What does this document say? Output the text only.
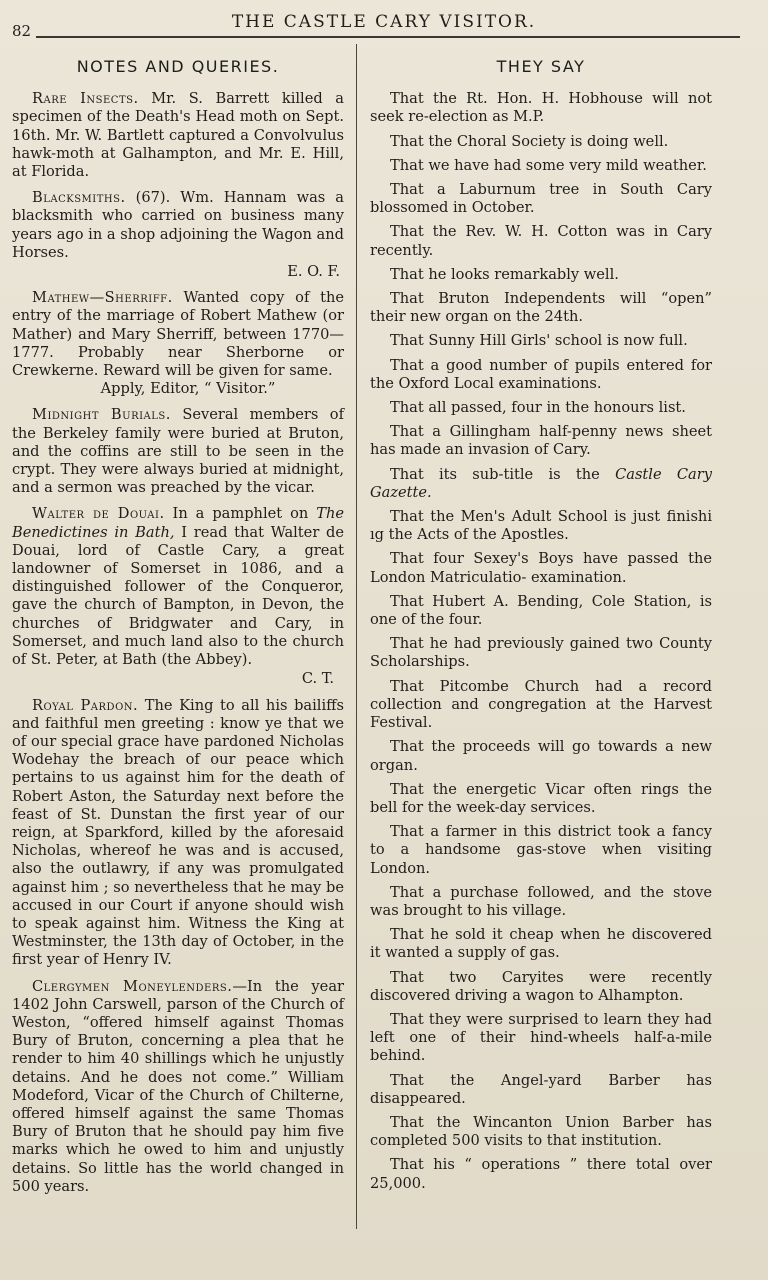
82	THE CASTLE CARY VISITOR.
NOTES AND QUERIES.

Rare Insects. Mr. S. Barrett killed a specimen of the Death's Head moth on Sept. 16th. Mr. W. Bartlett captured a Convolvulus hawk-moth at Galhampton, and Mr. E. Hill, at Florida.

Blacksmiths. (67). Wm. Hannam was a blacksmith who carried on business many years ago in a shop adjoining the Wagon and Horses.
E. O. F.

Mathew—Sherriff. Wanted copy of the entry of the marriage of Robert Mathew (or Mather) and Mary Sherriff, between 1770—1777. Probably near Sherborne or Crewkerne. Reward will be given for same.
Apply, Editor, “ Visitor.”

Midnight Burials. Several members of the Berkeley family were buried at Bruton, and the coffins are still to be seen in the crypt. They were always buried at midnight, and a sermon was preached by the vicar.

Walter de Douai. In a pamphlet on The Benedictines in Bath, I read that Walter de Douai, lord of Castle Cary, a great landowner of Somerset in 1086, and a distinguished follower of the Conqueror, gave the church of Bampton, in Devon, the churches of Bridgwater and Cary, in Somerset, and much land also to the church of St. Peter, at Bath (the Abbey).
C. T.

Royal Pardon. The King to all his bailiffs and faithful men greeting : know ye that we of our special grace have pardoned Nicholas Wodehay the breach of our peace which pertains to us against him for the death of Robert Aston, the Saturday next before the feast of St. Dunstan the first year of our reign, at Sparkford, killed by the aforesaid Nicholas, whereof he was and is accused, also the outlawry, if any was promulgated against him ; so nevertheless that he may be accused in our Court if anyone should wish to speak against him. Witness the King at Westminster, the 13th day of October, in the first year of Henry IV.

Clergymen Moneylenders.—In the year 1402 John Carswell, parson of the Church of Weston, “offered himself against Thomas Bury of Bruton, concerning a plea that he render to him 40 shillings which he unjustly detains. And he does not come.” William Modeford, Vicar of the Church of Chilterne, offered himself against the same Thomas Bury of Bruton that he should pay him five marks which he owed to him and unjustly detains. So little has the world changed in 500 years.

THEY SAY

That the Rt. Hon. H. Hobhouse will not seek re-election as M.P.

That the Choral Society is doing well.

That we have had some very mild weather.

That a Laburnum tree in South Cary blossomed in October.

That the Rev. W. H. Cotton was in Cary recently.

That he looks remarkably well.

That Bruton Independents will “open” their new organ on the 24th.

That Sunny Hill Girls' school is now full.

That a good number of pupils entered for the Oxford Local examinations.

That all passed, four in the honours list.

That a Gillingham half-penny news sheet has made an invasion of Cary.

That its sub-title is the Castle Cary Gazette.

That the Men's Adult School is just finishi ıg the Acts of the Apostles.

That four Sexey's Boys have passed the London Matriculatio‑ examination.

That Hubert A. Bending, Cole Station, is one of the four.

That he had previously gained two County Scholarships.

That Pitcombe Church had a record collection and congregation at the Harvest Festival.

That the proceeds will go towards a new organ.

That the energetic Vicar often rings the bell for the week-day services.

That a farmer in this district took a fancy to a handsome gas-stove when visiting London.

That a purchase followed, and the stove was brought to his village.

That he sold it cheap when he discovered it wanted a supply of gas.

That two Caryites were recently discovered driving a wagon to Alhampton.

That they were surprised to learn they had left one of their hind-wheels half-a-mile behind.

That the Angel-yard Barber has disappeared.

That the Wincanton Union Barber has completed 500 visits to that institution.

That his “ operations ” there total over 25,000.
